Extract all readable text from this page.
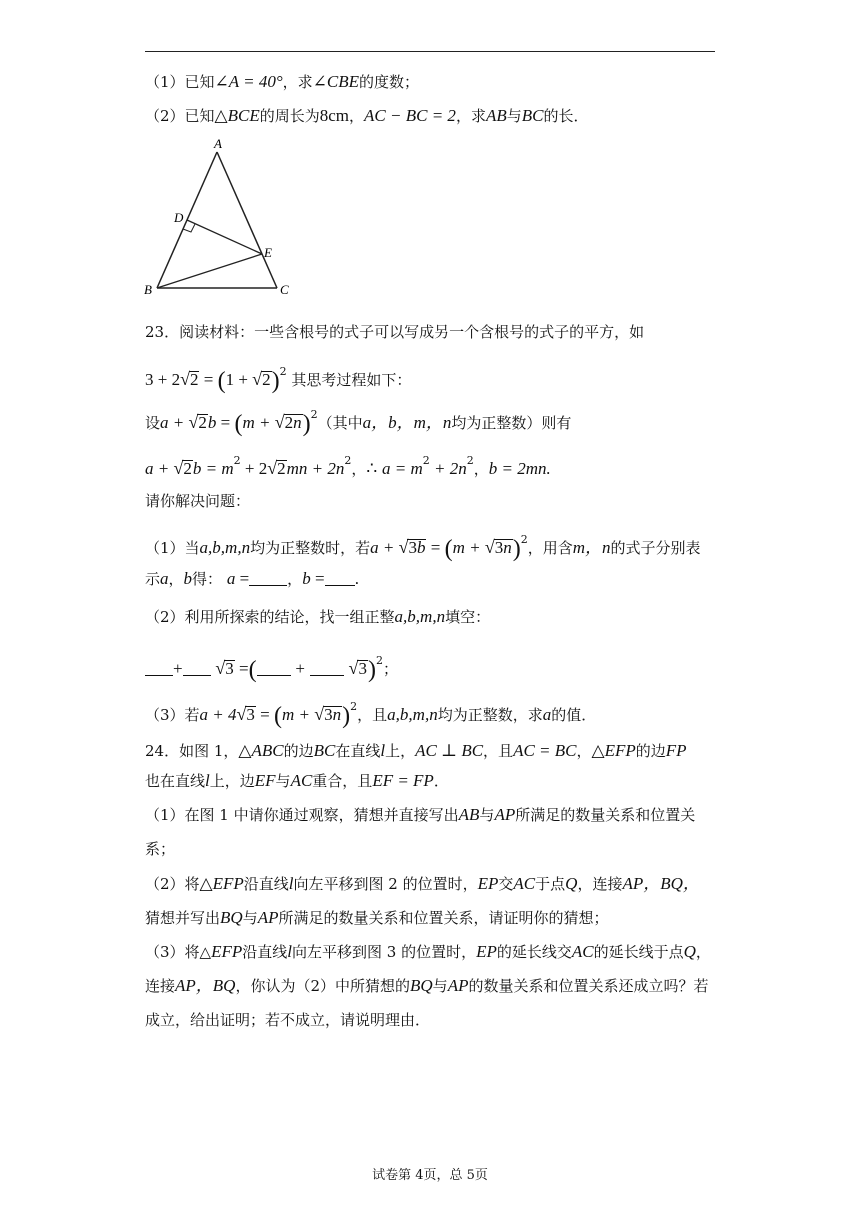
（1）已知∠A = 40°，求∠CBE的度数；
（2）已知△BCE的周长为8cm，AC − BC = 2，求AB与BC的长．
A
B	C
D
E
23．阅读材料：一些含根号的式子可以写成另一个含根号的式子的平方，如
$3 + 2√2 = (1 + √2)^2$ 其思考过程如下：
设$a + √2b = (m + √2n)^2$（其中a，b，m，n均为正整数）则有
$a + √2b = m^2 + 2√2mn + 2n^2$，∴ $a = m^2 + 2n^2$，b = 2mn.
请你解决问题：
（1）当a,b,m,n均为正整数时，若$a + √3b = (m + √3n)^2$，用含m，n的式子分别表
示a，b得： a =	，b = .
（2）利用所探索的结论，找一组正整a,b,m,n填空：
+ √3 =( + √3)$^2$；
（3）若$a + 4√3 = (m + √3n)^2$，且a,b,m,n均为正整数，求a的值．
24．如图 1，△ABC的边BC在直线l上，AC ⊥ BC，且AC = BC，△EFP的边FP
也在直线l上，边EF与AC重合，且EF = FP．
（1）在图 1 中请你通过观察，猜想并直接写出AB与AP所满足的数量关系和位置关
系；
（2）将△EFP沿直线l向左平移到图 2 的位置时，EP交AC于点Q，连接AP，BQ，
猜想并写出BQ与AP所满足的数量关系和位置关系，请证明你的猜想；
（3）将△EFP沿直线l向左平移到图 3 的位置时，EP的延长线交AC的延长线于点Q，
连接AP，BQ，你认为（2）中所猜想的BQ与AP的数量关系和位置关系还成立吗？若
成立，给出证明；若不成立，请说明理由．
试卷第 4页，总 5页
